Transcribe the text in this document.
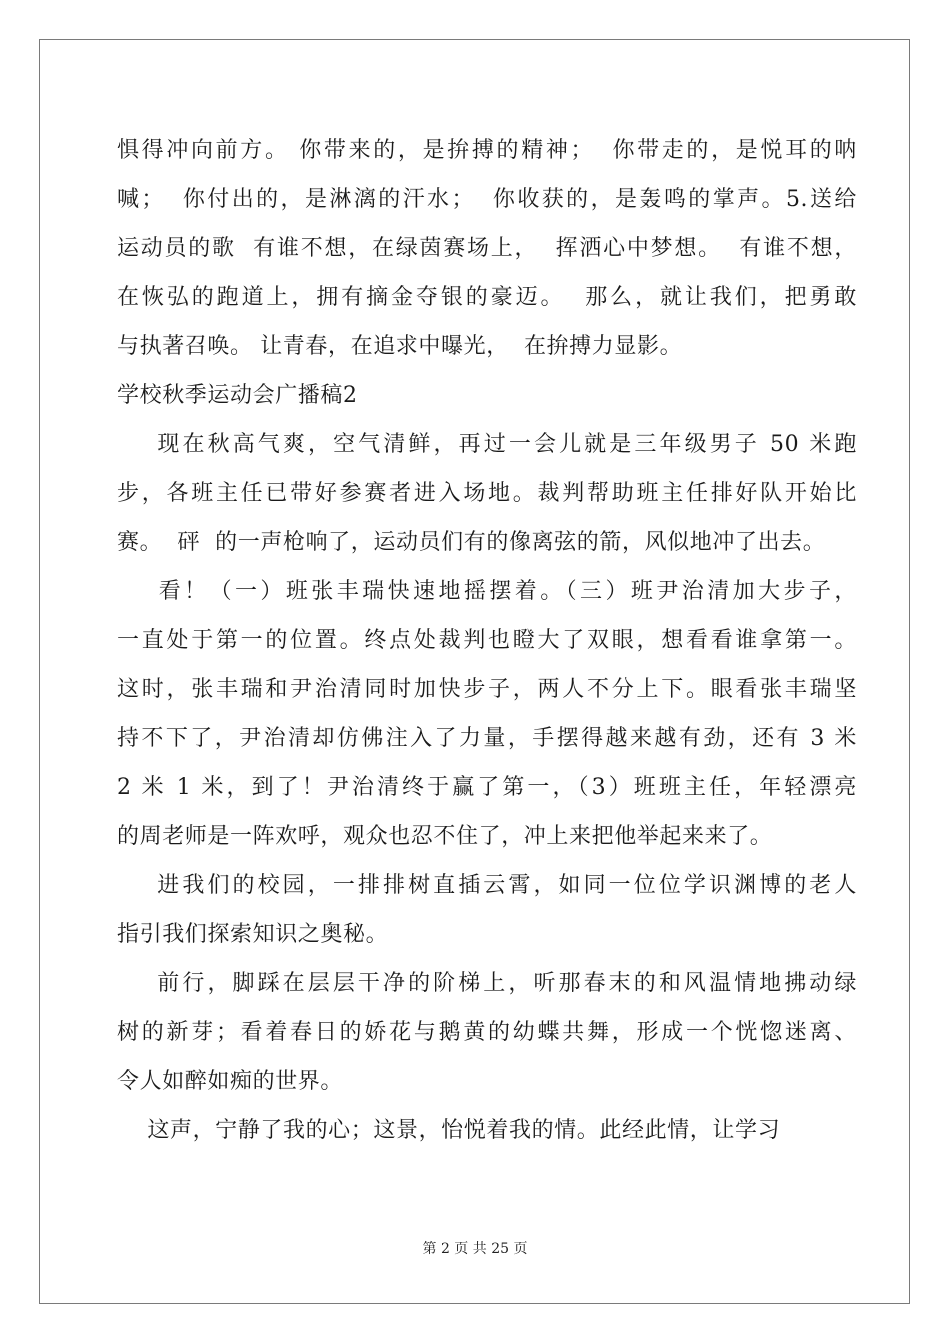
惧得冲向前方。 你带来的，是拚搏的精神；  你带走的，是悦耳的呐
喊；  你付出的，是淋漓的汗水；  你收获的，是轰鸣的掌声。5.送给
运动员的歌  有谁不想，在绿茵赛场上，  挥洒心中梦想。  有谁不想，
在恢弘的跑道上，拥有摘金夺银的豪迈。  那么，就让我们，把勇敢
与执著召唤。 让青春，在追求中曝光，  在拚搏力显影。
学校秋季运动会广播稿2
现在秋高气爽，空气清鲜，再过一会儿就是三年级男子 50 米跑
步，各班主任已带好参赛者进入场地。裁判帮助班主任排好队开始比
赛。  砰  的一声枪响了，运动员们有的像离弦的箭，风似地冲了出去。
看！（一）班张丰瑞快速地摇摆着。（三）班尹治清加大步子，
一直处于第一的位置。终点处裁判也瞪大了双眼，想看看谁拿第一。
这时，张丰瑞和尹治清同时加快步子，两人不分上下。眼看张丰瑞坚
持不下了，尹治清却仿佛注入了力量，手摆得越来越有劲，还有 3 米
2 米 1 米，到了！尹治清终于赢了第一，（3）班班主任，年轻漂亮
的周老师是一阵欢呼，观众也忍不住了，冲上来把他举起来来了。
进我们的校园，一排排树直插云霄，如同一位位学识渊博的老人
指引我们探索知识之奥秘。
前行，脚踩在层层干净的阶梯上，听那春末的和风温情地拂动绿
树的新芽；看着春日的娇花与鹅黄的幼蝶共舞，形成一个恍惚迷离、
令人如醉如痴的世界。
这声，宁静了我的心；这景，怡悦着我的情。此经此情，让学习
第 2 页 共 25 页
